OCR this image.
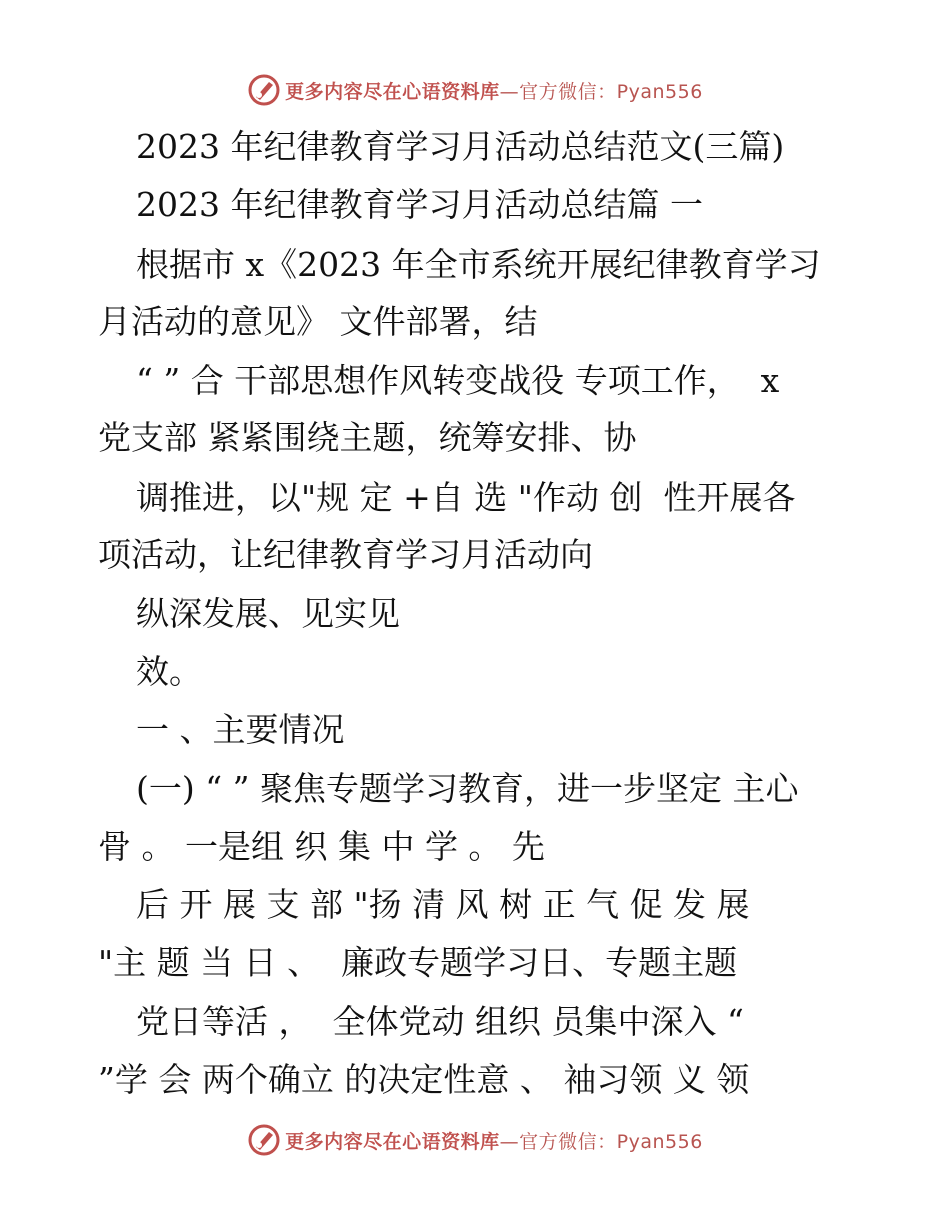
更多内容尽在心语资料库—官方微信：Pyan556
2023 年纪律教育学习月活动总结范文(三篇)
2023 年纪律教育学习月活动总结篇 一
根据市 x《2023 年全市系统开展纪律教育学习
月活动的意见》 文件部署，结
“ ” 合 干部思想作风转变战役 专项工作，  x
党支部 紧紧围绕主题，统筹安排、协
调推进，以"规 定 +自 选 "作动 创  性开展各
项活动，让纪律教育学习月活动向
纵深发展、见实见
效。
一 、主要情况
(一) “ ” 聚焦专题学习教育，进一步坚定 主心
骨 。 一是组 织 集 中 学 。 先
后 开 展 支 部 "扬 清 风 树 正 气 促 发 展
"主 题 当 日 、  廉政专题学习日、专题主题
党日等活 ，  全体党动 组织 员集中深入 “
”学 会 两个确立 的决定性意 、 袖习领 义 领
更多内容尽在心语资料库—官方微信：Pyan556
